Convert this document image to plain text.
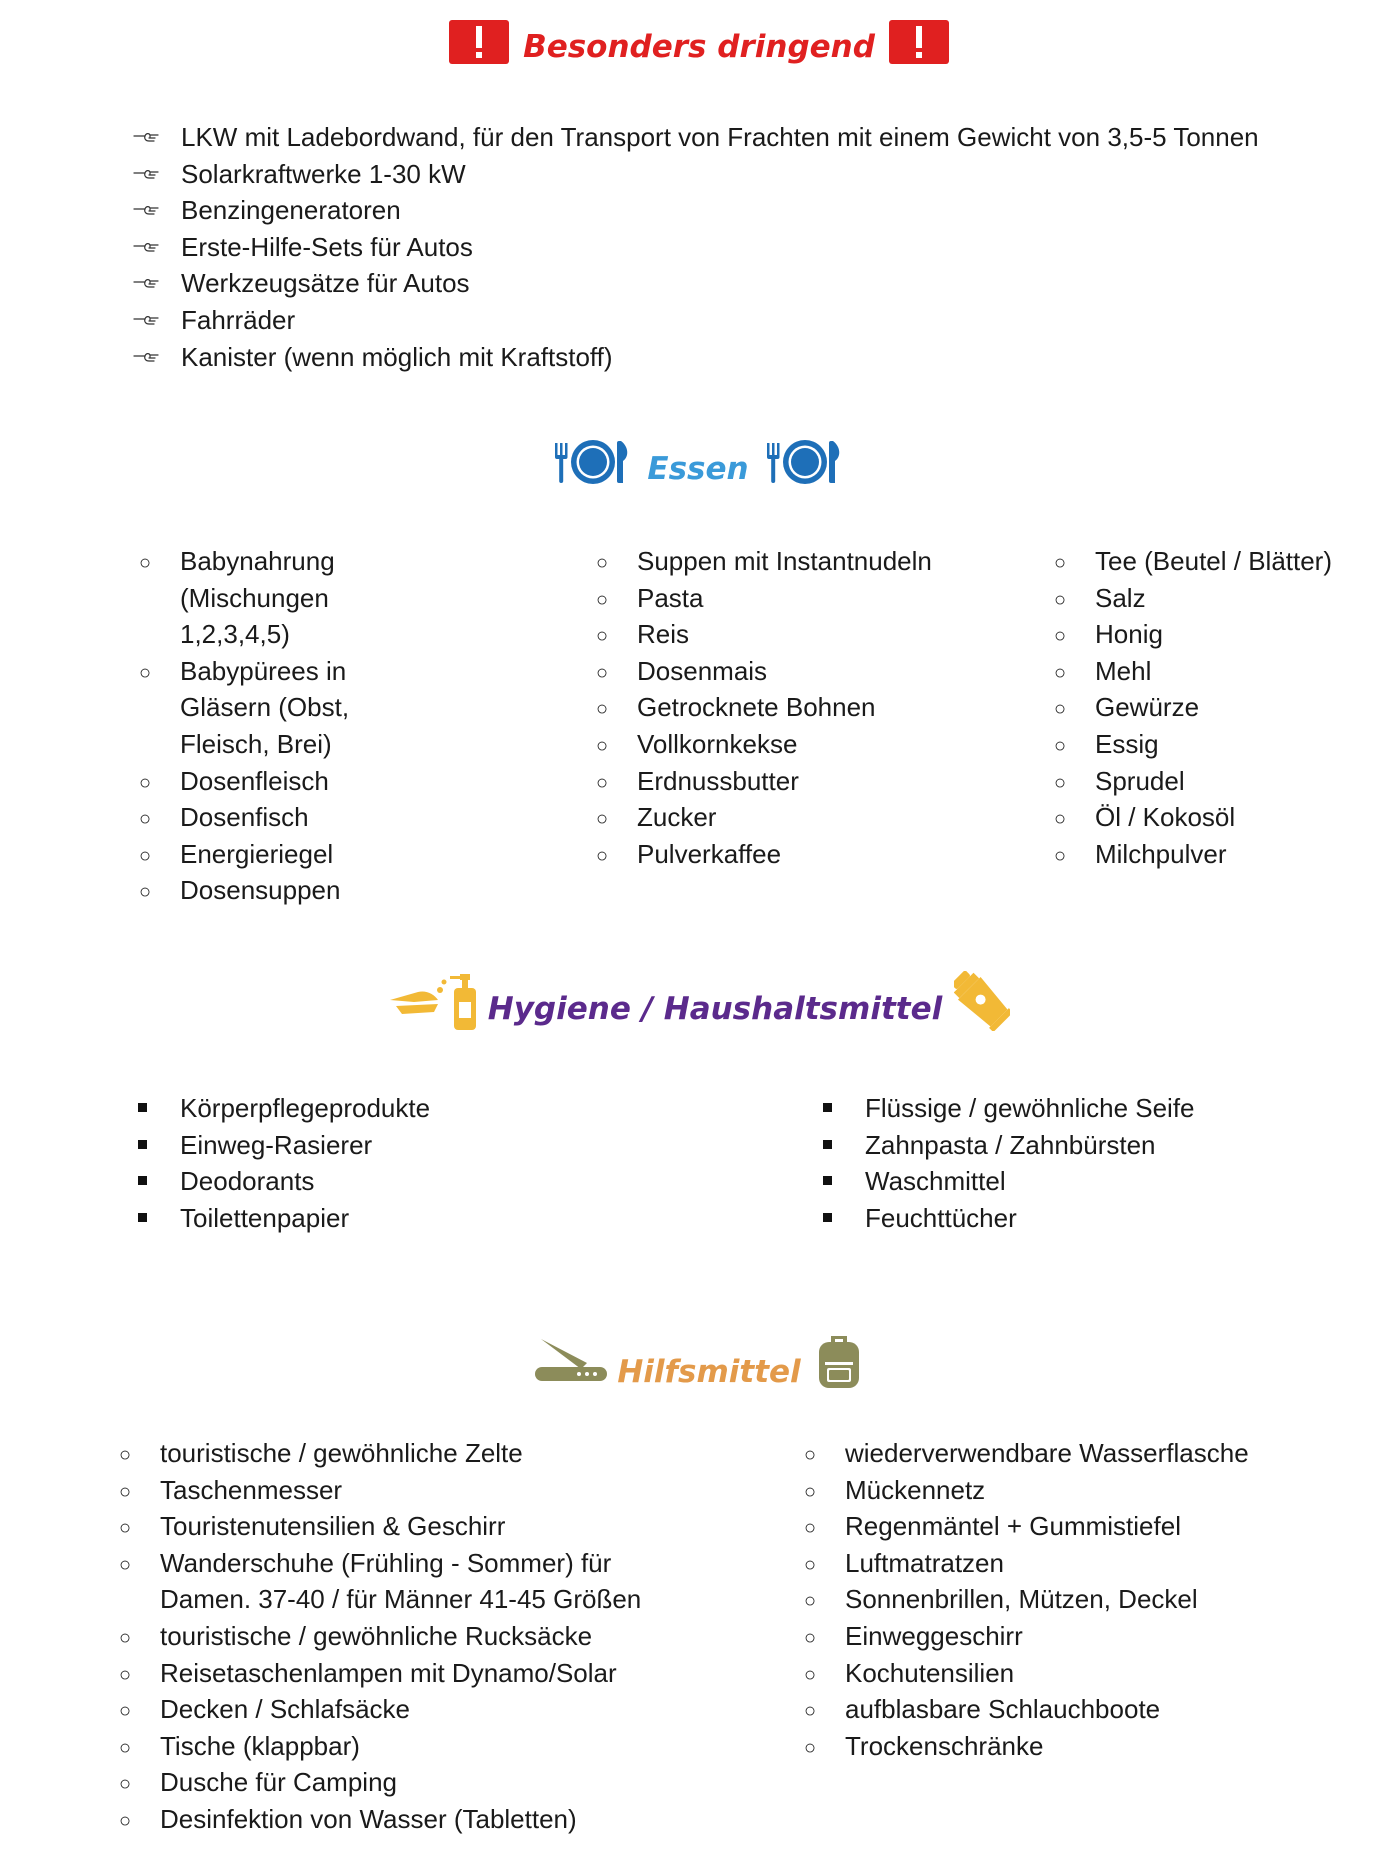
Besonders dringend
LKW mit Ladebordwand, für den Transport von Frachten mit einem Gewicht von 3,5-5 Tonnen
Solarkraftwerke 1-30 kW
Benzingeneratoren
Erste-Hilfe-Sets für Autos
Werkzeugsätze für Autos
Fahrräder
Kanister (wenn möglich mit Kraftstoff)
Essen
○	Babynahrung (Mischungen 1,2,3,4,5)
○	Babypürees in Gläsern (Obst, Fleisch, Brei)
○	Dosenfleisch
○	Dosenfisch
○	Energieriegel
○	Dosensuppen
○	Suppen mit Instantnudeln
○	Pasta
○	Reis
○	Dosenmais
○	Getrocknete Bohnen
○	Vollkornkekse
○	Erdnussbutter
○	Zucker
○	Pulverkaffee
○	Tee (Beutel / Blätter)
○	Salz
○	Honig
○	Mehl
○	Gewürze
○	Essig
○	Sprudel
○	Öl / Kokosöl
○	Milchpulver
Hygiene / Haushaltsmittel
Körperpflegeprodukte
Einweg-Rasierer
Deodorants
Toilettenpapier
Flüssige / gewöhnliche Seife
Zahnpasta / Zahnbürsten
Waschmittel
Feuchttücher
Hilfsmittel
○	touristische / gewöhnliche Zelte
○	Taschenmesser
○	Touristenutensilien & Geschirr
○	Wanderschuhe (Frühling - Sommer) für Damen. 37-40 / für Männer 41-45 Größen
○	touristische / gewöhnliche Rucksäcke
○	Reisetaschenlampen mit Dynamo/Solar
○	Decken / Schlafsäcke
○	Tische (klappbar)
○	Dusche für Camping
○	Desinfektion von Wasser (Tabletten)
○	wiederverwendbare Wasserflasche
○	Mückennetz
○	Regenmäntel + Gummistiefel
○	Luftmatratzen
○	Sonnenbrillen, Mützen, Deckel
○	Einweggeschirr
○	Kochutensilien
○	aufblasbare Schlauchboote
○	Trockenschränke
